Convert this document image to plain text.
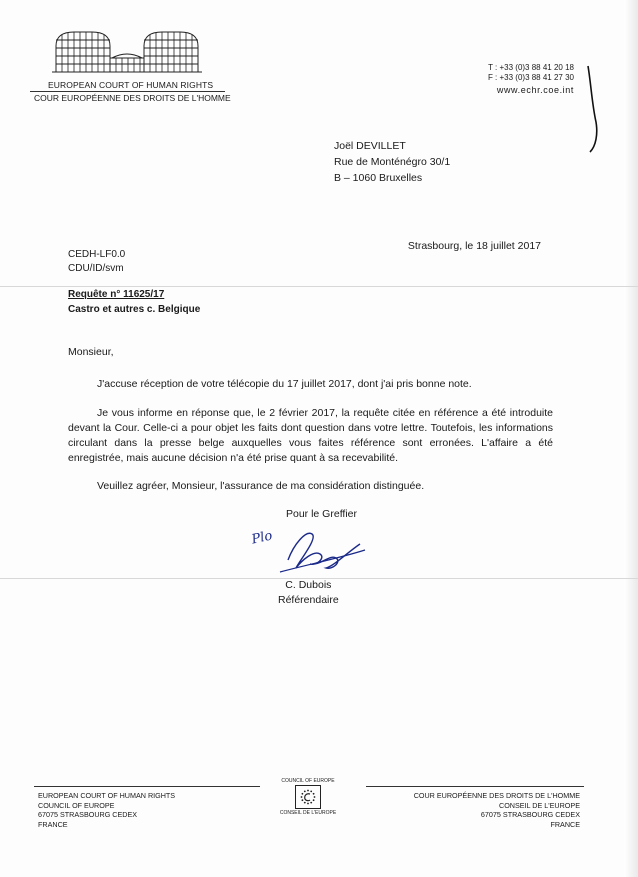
EUROPEAN COURT OF HUMAN RIGHTS
COUR EUROPÉENNE DES DROITS DE L'HOMME
T : +33 (0)3 88 41 20 18
F : +33 (0)3 88 41 27 30
www.echr.coe.int
Joël DEVILLET
Rue de Monténégro 30/1
B – 1060 Bruxelles
CEDH-LF0.0
CDU/ID/svm
Strasbourg, le 18 juillet 2017
Requête n° 11625/17
Castro et autres c. Belgique
Monsieur,
J'accuse réception de votre télécopie du 17 juillet 2017, dont j'ai pris bonne note.
Je vous informe en réponse que, le 2 février 2017, la requête citée en référence a été introduite devant la Cour. Celle-ci a pour objet les faits dont question dans votre lettre. Toutefois, les informations circulant dans la presse belge auxquelles vous faites référence sont erronées. L'affaire a été enregistrée, mais aucune décision n'a été prise quant à sa recevabilité.
Veuillez agréer, Monsieur, l'assurance de ma considération distinguée.
Pour le Greffier
Plo
C. Dubois
Référendaire
EUROPEAN COURT OF HUMAN RIGHTS
COUNCIL OF EUROPE
67075 STRASBOURG CEDEX
FRANCE
COUNCIL OF EUROPE
CONSEIL DE L'EUROPE
COUR EUROPÉENNE DES DROITS DE L'HOMME
CONSEIL DE L'EUROPE
67075 STRASBOURG CEDEX
FRANCE
